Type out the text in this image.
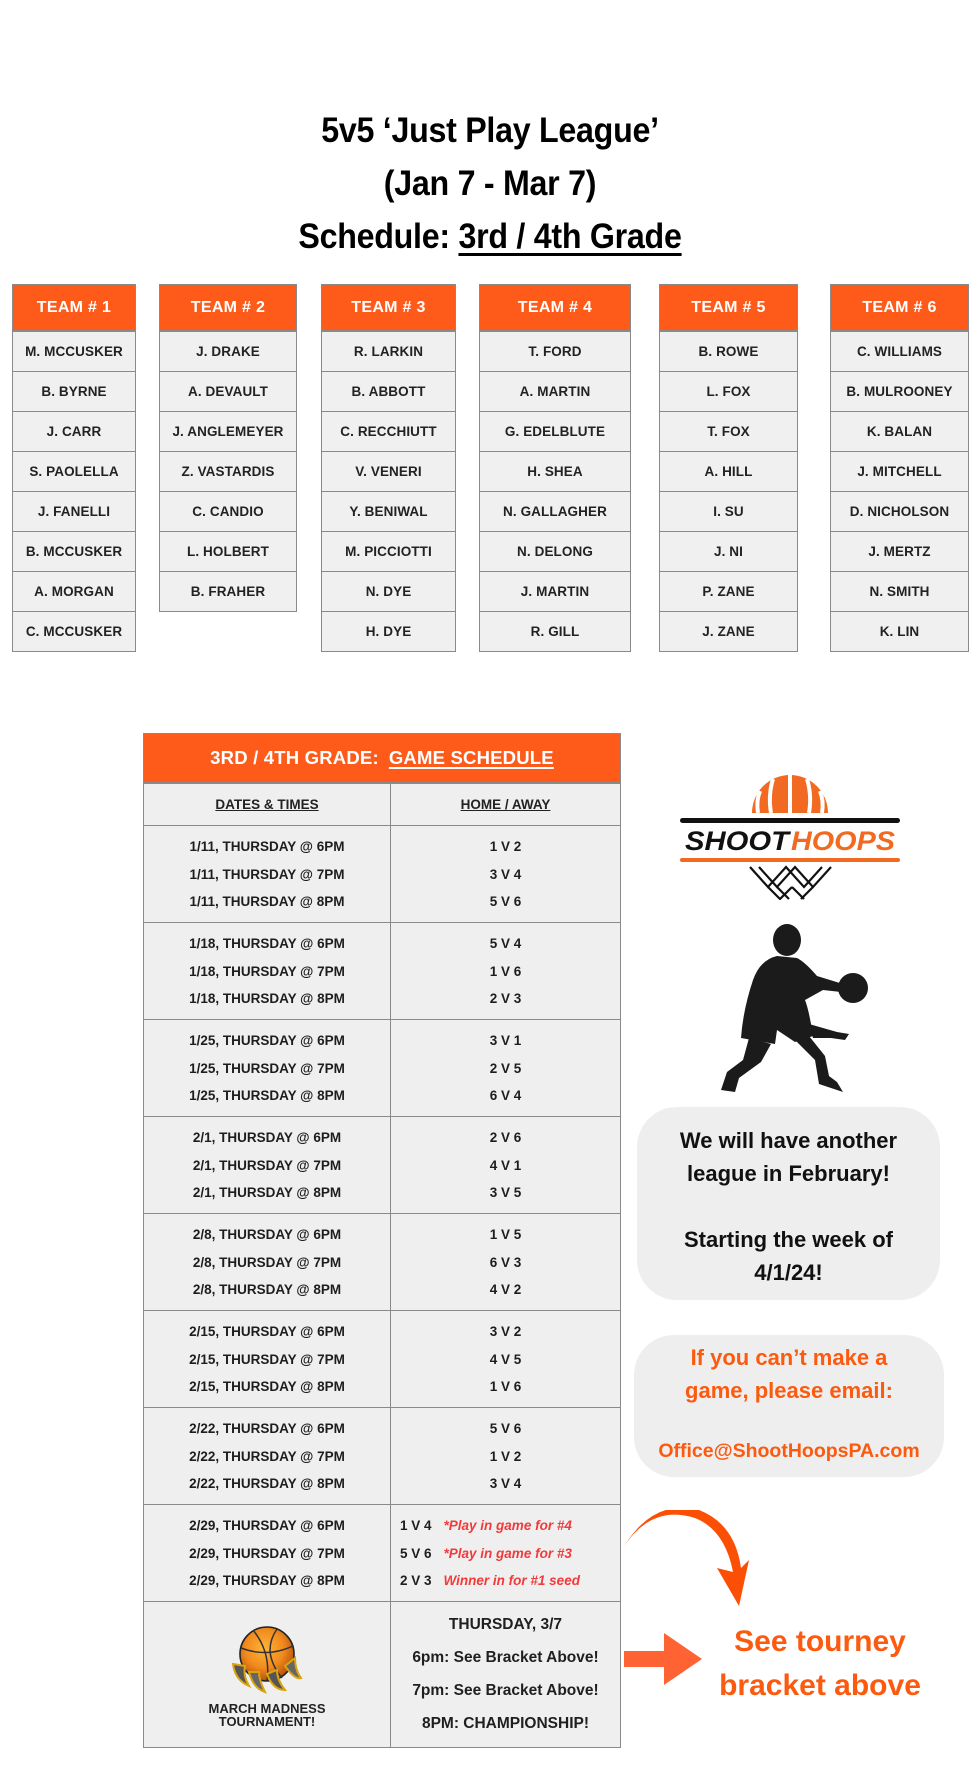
5v5 ‘Just Play League’
(Jan 7 - Mar 7)
Schedule: 3rd / 4th Grade
TEAM # 1
M. MCCUSKER
B. BYRNE
J. CARR
S. PAOLELLA
J. FANELLI
B. MCCUSKER
A. MORGAN
C. MCCUSKER
TEAM # 2
J. DRAKE
A. DEVAULT
J. ANGLEMEYER
Z. VASTARDIS
C. CANDIO
L. HOLBERT
B. FRAHER
TEAM # 3
R. LARKIN
B. ABBOTT
C. RECCHIUTT
V. VENERI
Y. BENIWAL
M. PICCIOTTI
N. DYE
H. DYE
TEAM # 4
T. FORD
A. MARTIN
G. EDELBLUTE
H. SHEA
N. GALLAGHER
N. DELONG
J. MARTIN
R. GILL
TEAM # 5
B. ROWE
L. FOX
T. FOX
A. HILL
I. SU
J. NI
P. ZANE
J. ZANE
TEAM # 6
C. WILLIAMS
B. MULROONEY
K. BALAN
J. MITCHELL
D. NICHOLSON
J. MERTZ
N. SMITH
K. LIN
3RD / 4TH GRADE: GAME SCHEDULE
DATES & TIMES	HOME / AWAY
1/11, THURSDAY @ 6PM
1/11, THURSDAY @ 7PM
1/11, THURSDAY @ 8PM
1 V 2
3 V 4
5 V 6
1/18, THURSDAY @ 6PM
1/18, THURSDAY @ 7PM
1/18, THURSDAY @ 8PM
5 V 4
1 V 6
2 V 3
1/25, THURSDAY @ 6PM
1/25, THURSDAY @ 7PM
1/25, THURSDAY @ 8PM
3 V 1
2 V 5
6 V 4
2/1, THURSDAY @ 6PM
2/1, THURSDAY @ 7PM
2/1, THURSDAY @ 8PM
2 V 6
4 V 1
3 V 5
2/8, THURSDAY @ 6PM
2/8, THURSDAY @ 7PM
2/8, THURSDAY @ 8PM
1 V 5
6 V 3
4 V 2
2/15, THURSDAY @ 6PM
2/15, THURSDAY @ 7PM
2/15, THURSDAY @ 8PM
3 V 2
4 V 5
1 V 6
2/22, THURSDAY @ 6PM
2/22, THURSDAY @ 7PM
2/22, THURSDAY @ 8PM
5 V 6
1 V 2
3 V 4
2/29, THURSDAY @ 6PM
2/29, THURSDAY @ 7PM
2/29, THURSDAY @ 8PM
1 V 4 *Play in game for #4
5 V 6 *Play in game for #3
2 V 3 Winner in for #1 seed
MARCH MADNESS
TOURNAMENT!
THURSDAY, 3/7
6pm: See Bracket Above!
7pm: See Bracket Above!
8PM: CHAMPIONSHIP!
SHOOT HOOPS
We will have another
league in February!
Starting the week of
4/1/24!
If you can’t make a
game, please email:
Office@ShootHoopsPA.com
See tourney
bracket above
